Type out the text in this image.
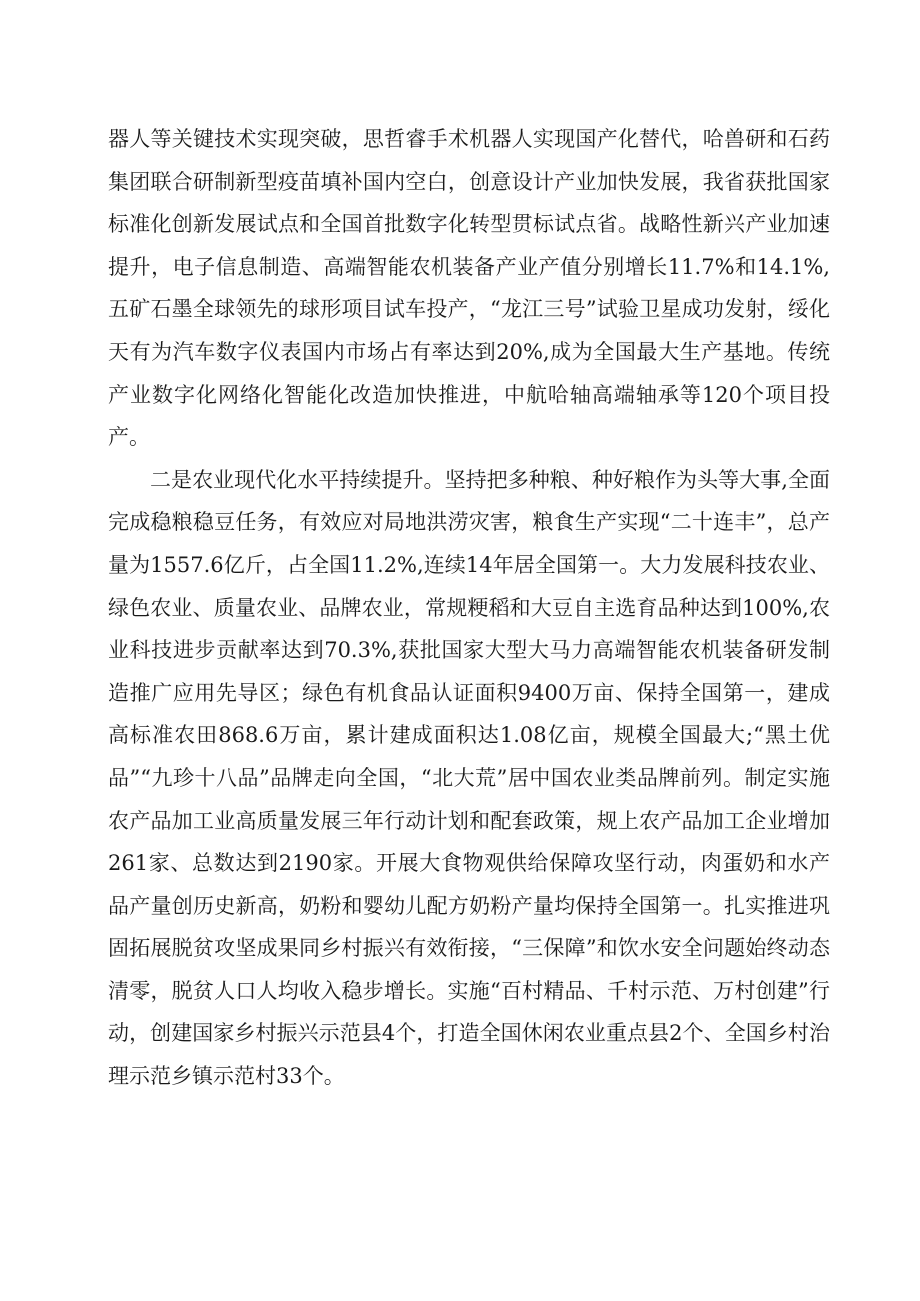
器人等关键技术实现突破，思哲睿手术机器人实现国产化替代，哈兽研和石药集团联合研制新型疫苗填补国内空白，创意设计产业加快发展，我省获批国家标准化创新发展试点和全国首批数字化转型贯标试点省。战略性新兴产业加速提升，电子信息制造、高端智能农机装备产业产值分别增长11.7%和14.1%,五矿石墨全球领先的球形项目试车投产，“龙江三号”试验卫星成功发射，绥化天有为汽车数字仪表国内市场占有率达到20%,成为全国最大生产基地。传统产业数字化网络化智能化改造加快推进，中航哈轴高端轴承等120个项目投产。

二是农业现代化水平持续提升。坚持把多种粮、种好粮作为头等大事,全面完成稳粮稳豆任务，有效应对局地洪涝灾害，粮食生产实现“二十连丰”，总产量为1557.6亿斤，占全国11.2%,连续14年居全国第一。大力发展科技农业、绿色农业、质量农业、品牌农业，常规粳稻和大豆自主选育品种达到100%,农业科技进步贡献率达到70.3%,获批国家大型大马力高端智能农机装备研发制造推广应用先导区；绿色有机食品认证面积9400万亩、保持全国第一，建成高标准农田868.6万亩，累计建成面积达1.08亿亩，规模全国最大;“黑土优品”“九珍十八品”品牌走向全国，“北大荒”居中国农业类品牌前列。制定实施农产品加工业高质量发展三年行动计划和配套政策，规上农产品加工企业增加261家、总数达到2190家。开展大食物观供给保障攻坚行动，肉蛋奶和水产品产量创历史新高，奶粉和婴幼儿配方奶粉产量均保持全国第一。扎实推进巩固拓展脱贫攻坚成果同乡村振兴有效衔接，“三保障”和饮水安全问题始终动态清零，脱贫人口人均收入稳步增长。实施“百村精品、千村示范、万村创建”行动，创建国家乡村振兴示范县4个，打造全国休闲农业重点县2个、全国乡村治理示范乡镇示范村33个。
